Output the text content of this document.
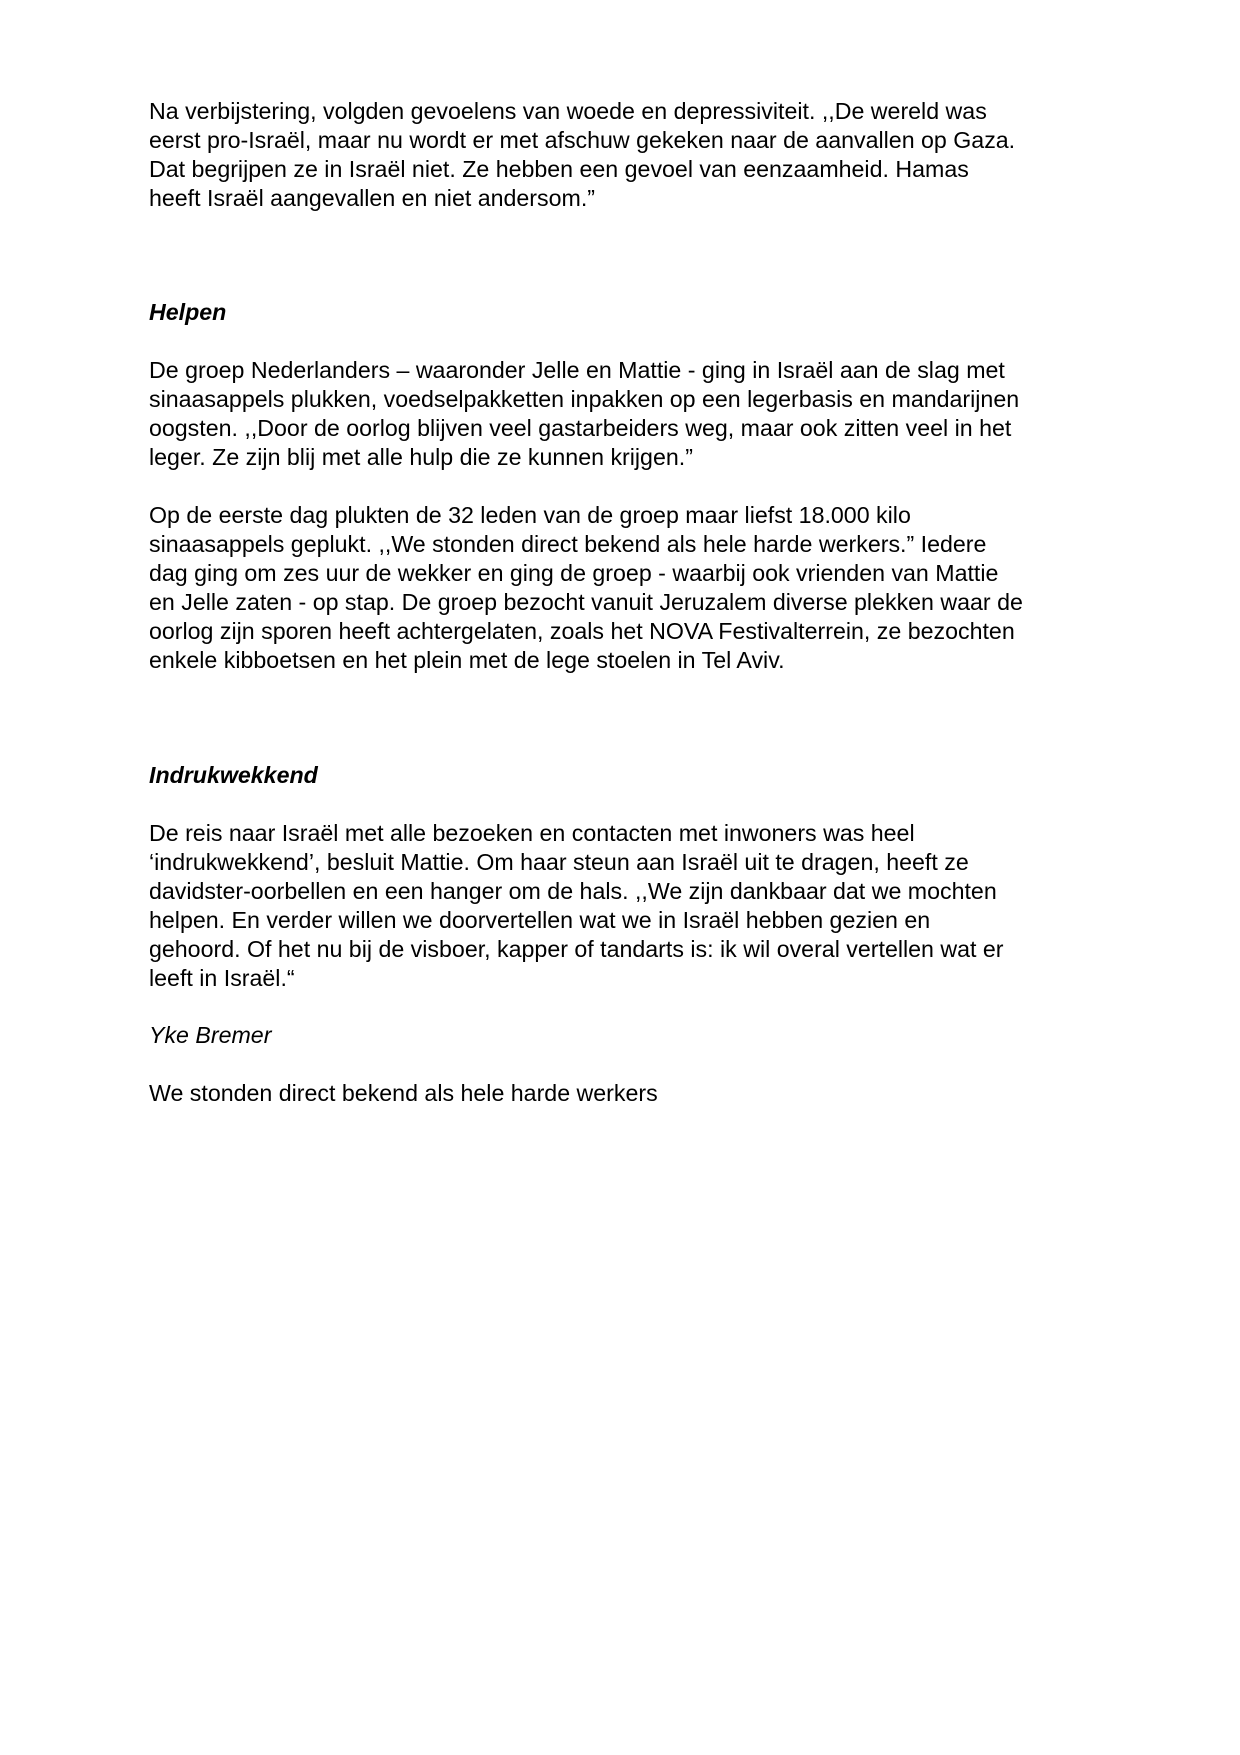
Na verbijstering, volgden gevoelens van woede en depressiviteit. ,,De wereld was
eerst pro-Israël, maar nu wordt er met afschuw gekeken naar de aanvallen op Gaza.
Dat begrijpen ze in Israël niet. Ze hebben een gevoel van eenzaamheid. Hamas
heeft Israël aangevallen en niet andersom.”
Helpen
De groep Nederlanders – waaronder Jelle en Mattie - ging in Israël aan de slag met
sinaasappels plukken, voedselpakketten inpakken op een legerbasis en mandarijnen
oogsten. ,,Door de oorlog blijven veel gastarbeiders weg, maar ook zitten veel in het
leger. Ze zijn blij met alle hulp die ze kunnen krijgen.”
Op de eerste dag plukten de 32 leden van de groep maar liefst 18.000 kilo
sinaasappels geplukt. ,,We stonden direct bekend als hele harde werkers.” Iedere
dag ging om zes uur de wekker en ging de groep - waarbij ook vrienden van Mattie
en Jelle zaten - op stap. De groep bezocht vanuit Jeruzalem diverse plekken waar de
oorlog zijn sporen heeft achtergelaten, zoals het NOVA Festivalterrein, ze bezochten
enkele kibboetsen en het plein met de lege stoelen in Tel Aviv.
Indrukwekkend
De reis naar Israël met alle bezoeken en contacten met inwoners was heel
‘indrukwekkend’, besluit Mattie. Om haar steun aan Israël uit te dragen, heeft ze
davidster-oorbellen en een hanger om de hals. ,,We zijn dankbaar dat we mochten
helpen. En verder willen we doorvertellen wat we in Israël hebben gezien en
gehoord. Of het nu bij de visboer, kapper of tandarts is: ik wil overal vertellen wat er
leeft in Israël.“
Yke Bremer
We stonden direct bekend als hele harde werkers
